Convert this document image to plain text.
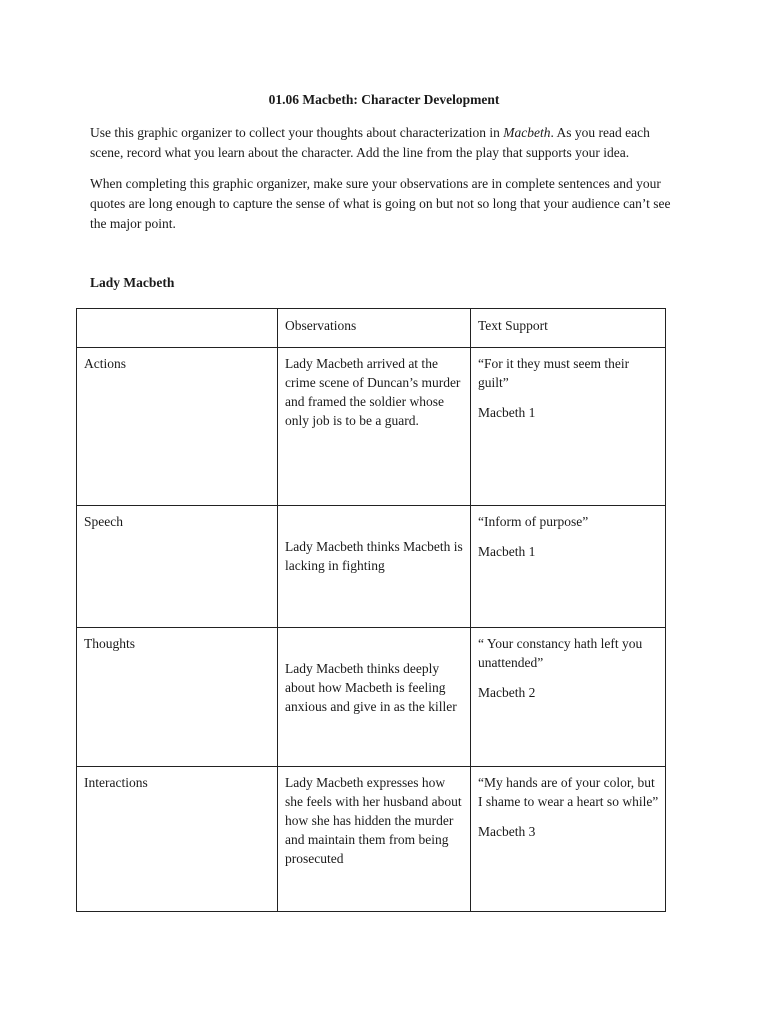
01.06 Macbeth: Character Development

Use this graphic organizer to collect your thoughts about characterization in Macbeth. As you read each scene, record what you learn about the character. Add the line from the play that supports your idea.

When completing this graphic organizer, make sure your observations are in complete sentences and your quotes are long enough to capture the sense of what is going on but not so long that your audience can’t see the major point.

Lady Macbeth
	Observations	Text Support
Actions	Lady Macbeth arrived at the crime scene of Duncan’s murder and framed the soldier whose only job is to be a guard.	“For it they must seem their guilt”
Macbeth 1

Speech	Lady Macbeth thinks Macbeth is lacking in fighting	“Inform of purpose”
Macbeth 1

Thoughts	Lady Macbeth thinks deeply about how Macbeth is feeling anxious and give in as the killer	“ Your constancy hath left you unattended”
Macbeth 2

Interactions	Lady Macbeth expresses how she feels with her husband about how she has hidden the murder and maintain them from being prosecuted	“My hands are of your color, but I shame to wear a heart so while”
Macbeth 3
